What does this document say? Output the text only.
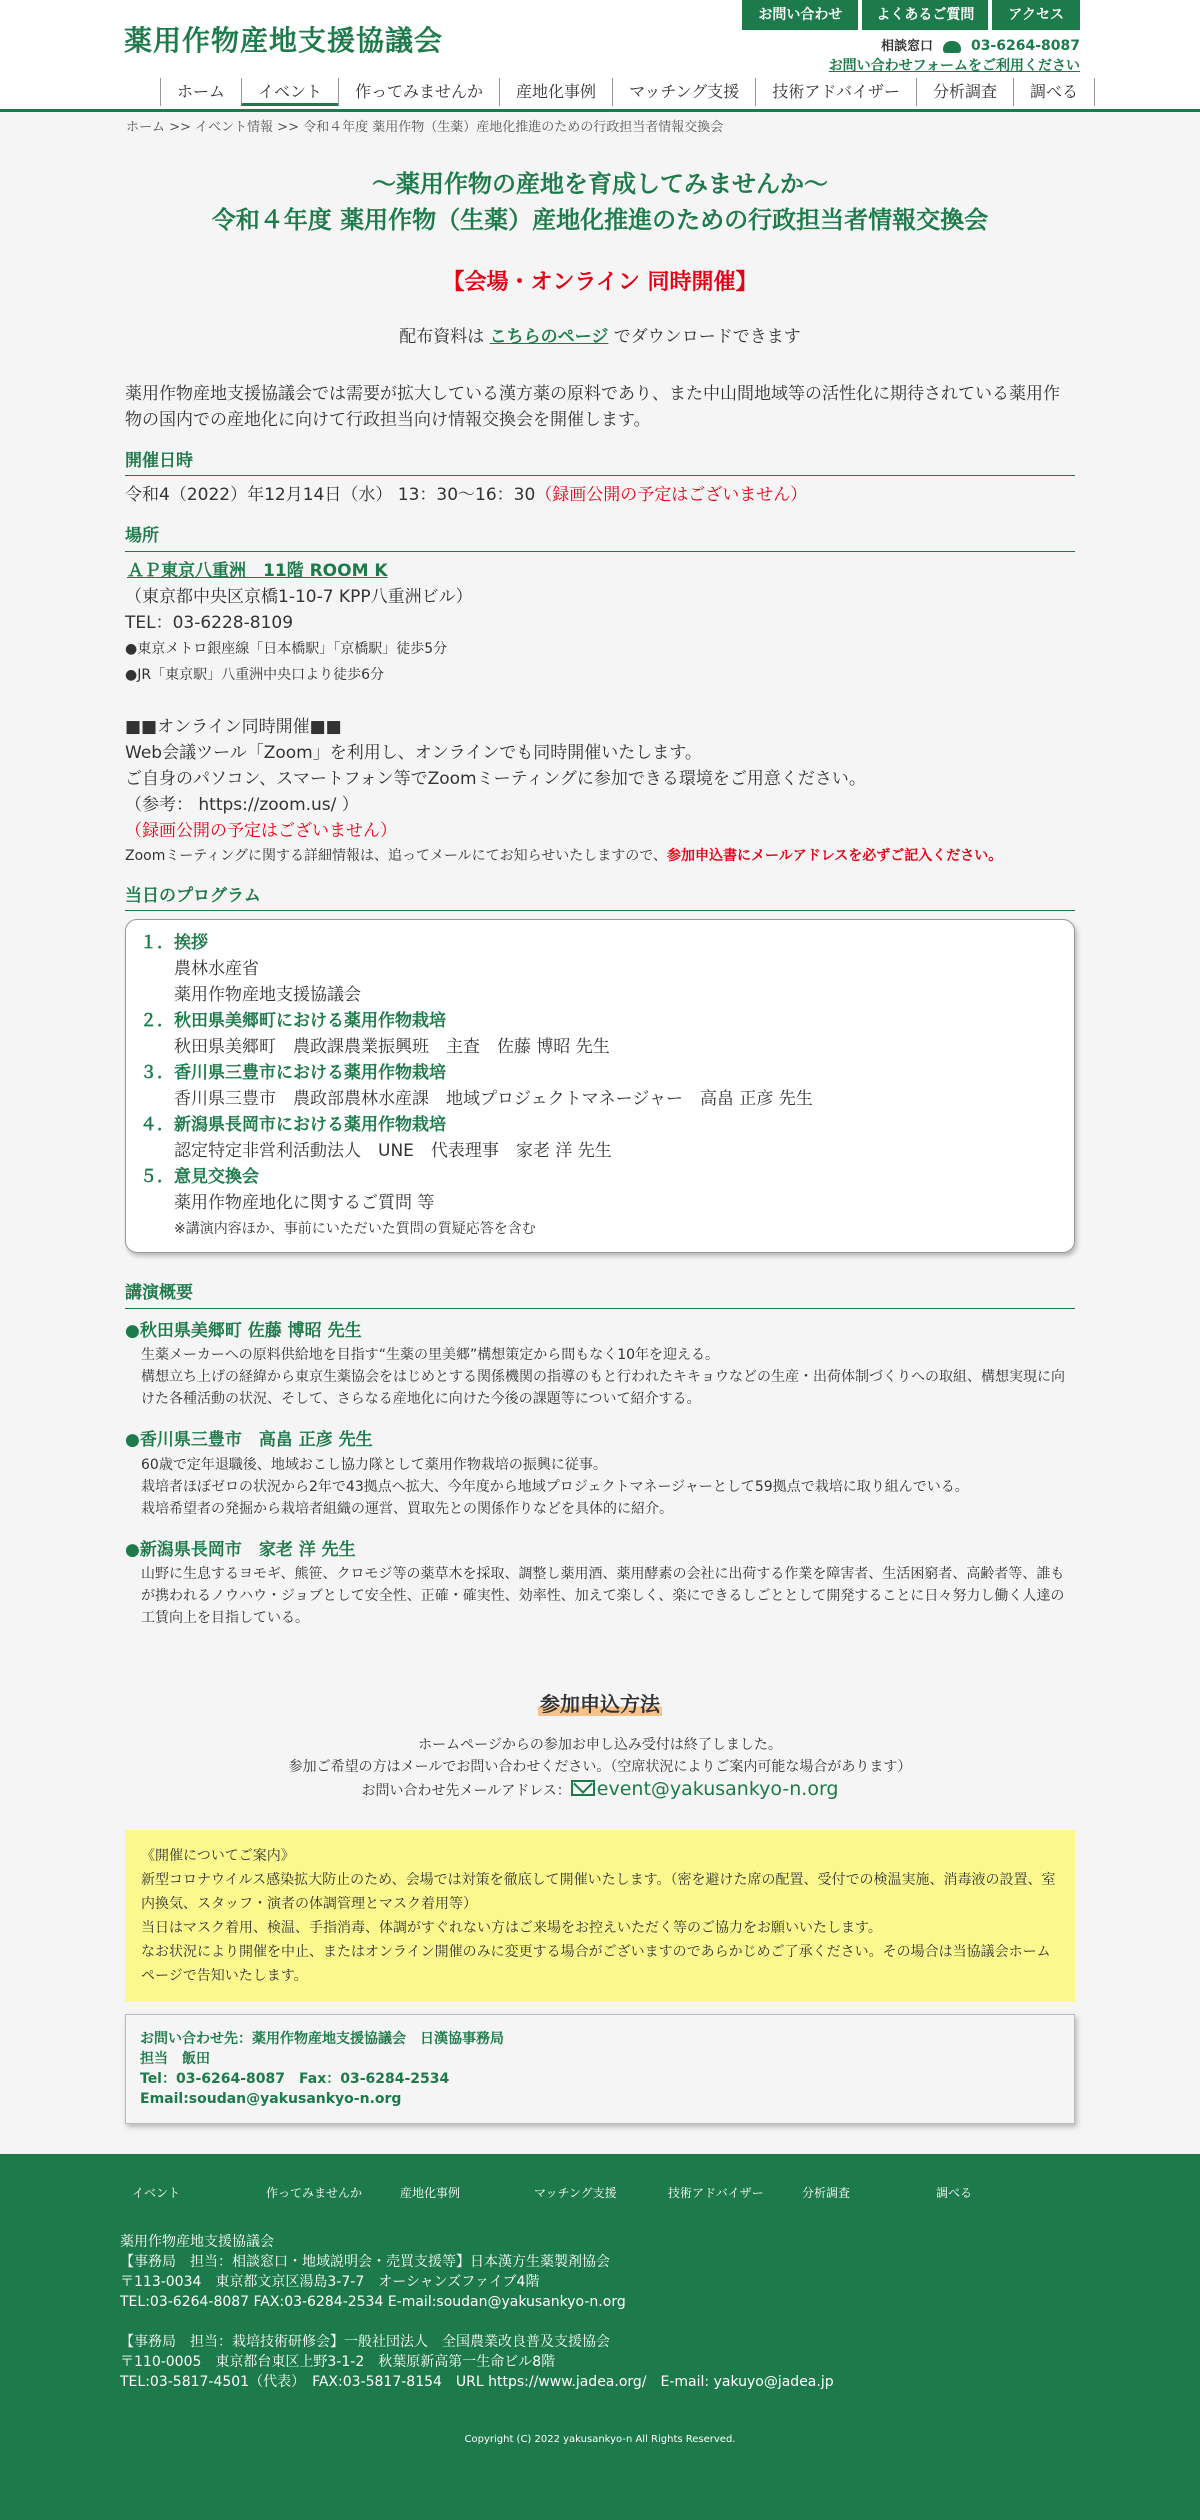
薬用作物産地支援協議会
お問い合わせ	よくあるご質問	アクセス
相談窓口	03-6264-8087
お問い合わせフォームをご利用ください
ホーム	イベント	作ってみませんか	産地化事例	マッチング支援	技術アドバイザー	分析調査	調べる
ホーム >> イベント情報 >> 令和４年度 薬用作物（生薬）産地化推進のための行政担当者情報交換会
〜薬用作物の産地を育成してみませんか〜
令和４年度 薬用作物（生薬）産地化推進のための行政担当者情報交換会
【会場・オンライン 同時開催】
配布資料は こちらのページ でダウンロードできます

薬用作物産地支援協議会では需要が拡大している漢方薬の原料であり、また中山間地域等の活性化に期待されている薬用作物の国内での産地化に向けて行政担当向け情報交換会を開催します。

開催日時
令和4（2022）年12月14日（水） 13：30〜16：30（録画公開の予定はございません）
場所
ＡＰ東京八重洲　11階 ROOM K
（東京都中央区京橋1-10-7 KPP八重洲ビル）
TEL：03-6228-8109
●東京メトロ銀座線「日本橋駅」「京橋駅」徒歩5分
●JR「東京駅」八重洲中央口より徒歩6分
■■オンライン同時開催■■
Web会議ツール「Zoom」を利用し、オンラインでも同時開催いたします。
ご自身のパソコン、スマートフォン等でZoomミーティングに参加できる環境をご用意ください。
（参考： https://zoom.us/ ）
（録画公開の予定はございません）
Zoomミーティングに関する詳細情報は、追ってメールにてお知らせいたしますので、参加申込書にメールアドレスを必ずご記入ください。
当日のプログラム
１．挨拶
農林水産省
薬用作物産地支援協議会
２．秋田県美郷町における薬用作物栽培
秋田県美郷町　農政課農業振興班　主査　佐藤 博昭 先生
３．香川県三豊市における薬用作物栽培
香川県三豊市　農政部農林水産課　地域プロジェクトマネージャー　高畠 正彦 先生
４．新潟県長岡市における薬用作物栽培
認定特定非営利活動法人　UNE　代表理事　家老 洋 先生
５．意見交換会
薬用作物産地化に関するご質問 等
※講演内容ほか、事前にいただいた質問の質疑応答を含む
講演概要
●秋田県美郷町 佐藤 博昭 先生
生薬メーカーへの原料供給地を目指す“生薬の里美郷”構想策定から間もなく10年を迎える。
構想立ち上げの経緯から東京生薬協会をはじめとする関係機関の指導のもと行われたキキョウなどの生産・出荷体制づくりへの取組、構想実現に向けた各種活動の状況、そして、さらなる産地化に向けた今後の課題等について紹介する。
●香川県三豊市　高畠 正彦 先生
60歳で定年退職後、地域おこし協力隊として薬用作物栽培の振興に従事。
栽培者ほぼゼロの状況から2年で43拠点へ拡大、今年度から地域プロジェクトマネージャーとして59拠点で栽培に取り組んでいる。
栽培希望者の発掘から栽培者組織の運営、買取先との関係作りなどを具体的に紹介。
●新潟県長岡市　家老 洋 先生
山野に生息するヨモギ、熊笹、クロモジ等の薬草木を採取、調整し薬用酒、薬用酵素の会社に出荷する作業を障害者、生活困窮者、高齢者等、誰もが携われるノウハウ・ジョブとして安全性、正確・確実性、効率性、加えて楽しく、楽にできるしごととして開発することに日々努力し働く人達の工賃向上を目指している。
参加申込方法
ホームページからの参加お申し込み受付は終了しました。
参加ご希望の方はメールでお問い合わせください。（空席状況によりご案内可能な場合があります）
お問い合わせ先メールアドレス： event@yakusankyo-n.org
《開催についてご案内》
新型コロナウイルス感染拡大防止のため、会場では対策を徹底して開催いたします。（密を避けた席の配置、受付での検温実施、消毒液の設置、室内換気、スタッフ・演者の体調管理とマスク着用等）
当日はマスク着用、検温、手指消毒、体調がすぐれない方はご来場をお控えいただく等のご協力をお願いいたします。
なお状況により開催を中止、またはオンライン開催のみに変更する場合がございますのであらかじめご了承ください。その場合は当協議会ホームページで告知いたします。
お問い合わせ先：薬用作物産地支援協議会　日漢協事務局
担当　飯田
Tel：03-6264-8087　Fax：03-6284-2534
Email:soudan@yakusankyo-n.org
イベント	作ってみませんか	産地化事例	マッチング支援	技術アドバイザー	分析調査	調べる
薬用作物産地支援協議会
【事務局　担当：相談窓口・地域説明会・売買支援等】日本漢方生薬製剤協会
〒113-0034　東京都文京区湯島3-7-7　オーシャンズファイブ4階
TEL:03-6264-8087 FAX:03-6284-2534 E-mail:soudan@yakusankyo-n.org
【事務局　担当：栽培技術研修会】一般社団法人　全国農業改良普及支援協会
〒110-0005　東京都台東区上野3-1-2　秋葉原新高第一生命ビル8階
TEL:03-5817-4501（代表）　FAX:03-5817-8154　URL https://www.jadea.org/　E-mail: yakuyo@jadea.jp
Copyright (C) 2022 yakusankyo-n All Rights Reserved.
